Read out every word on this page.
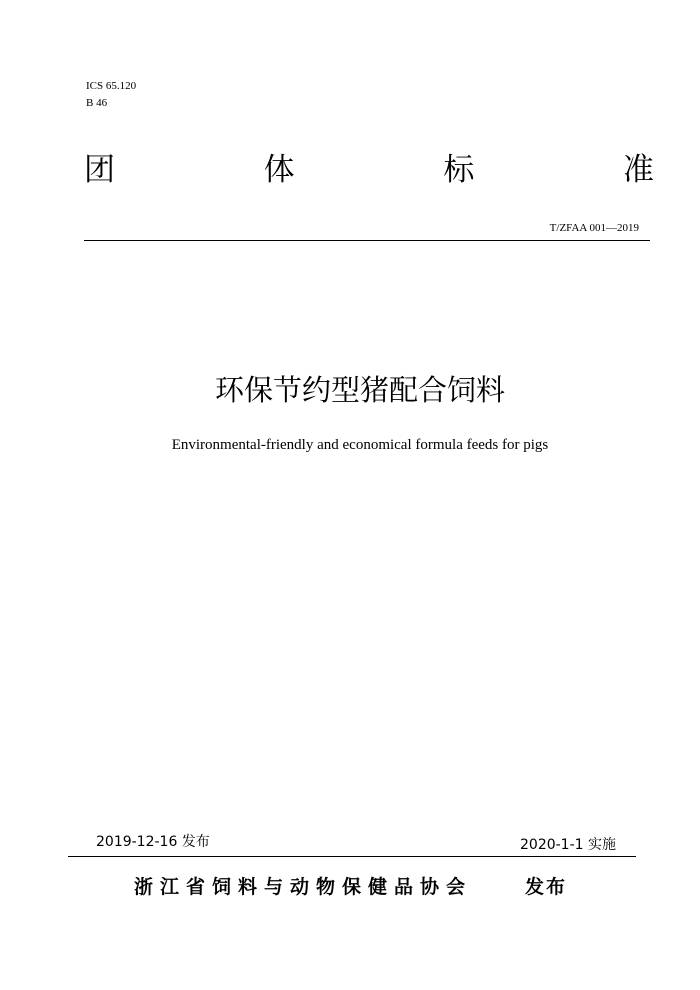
ICS 65.120
B 46
团	体	标	准
T/ZFAA 001—2019
环保节约型猪配合饲料
Environmental-friendly and economical formula feeds for pigs
2019-12-16 发布	2020-1-1 实施
浙江省饲料与动物保健品协会	发布
